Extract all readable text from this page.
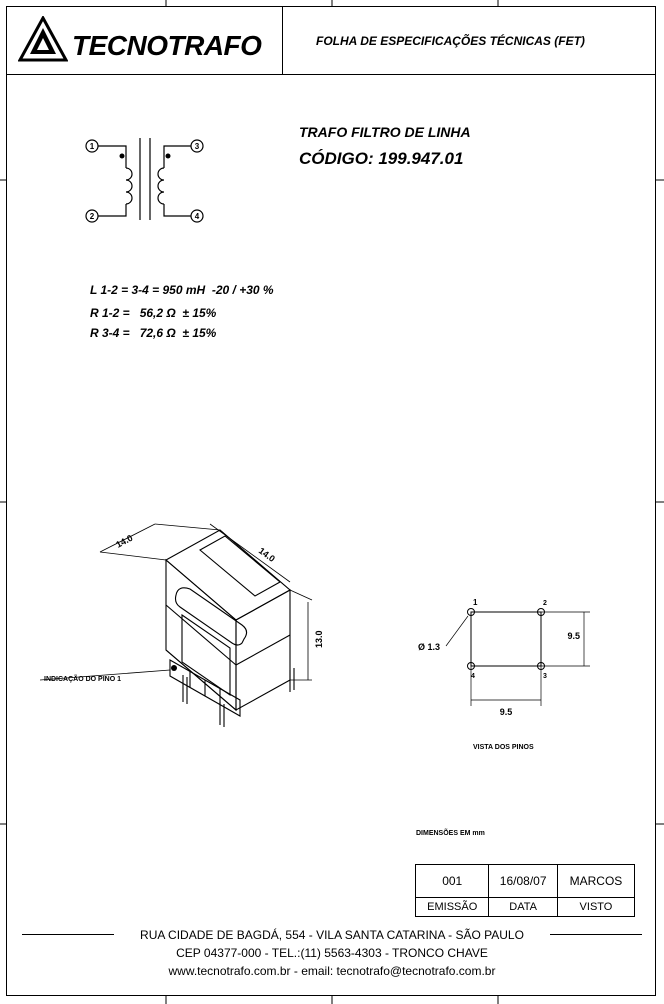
TECNOTRAFO	FOLHA DE ESPECIFICAÇÕES TÉCNICAS (FET)
TRAFO FILTRO DE LINHA
CÓDIGO: 199.947.01
1
2
3
4
L 1-2 = 3-4 = 950 mH  -20 / +30 %
R 1-2 =   56,2 Ω  ± 15%
R 3-4 =   72,6 Ω  ± 15%
14.0
14.0
13.0
INDICAÇÃO DO PINO 1
1	2
3
4
Ø 1.3
9.5
9.5
VISTA DOS PINOS
DIMENSÕES EM mm
001	16/08/07	MARCOS
EMISSÃO	DATA	VISTO
RUA CIDADE DE BAGDÁ, 554 - VILA SANTA CATARINA - SÃO PAULO
CEP 04377-000 - TEL.:(11) 5563-4303 - TRONCO CHAVE
www.tecnotrafo.com.br - email: tecnotrafo@tecnotrafo.com.br
